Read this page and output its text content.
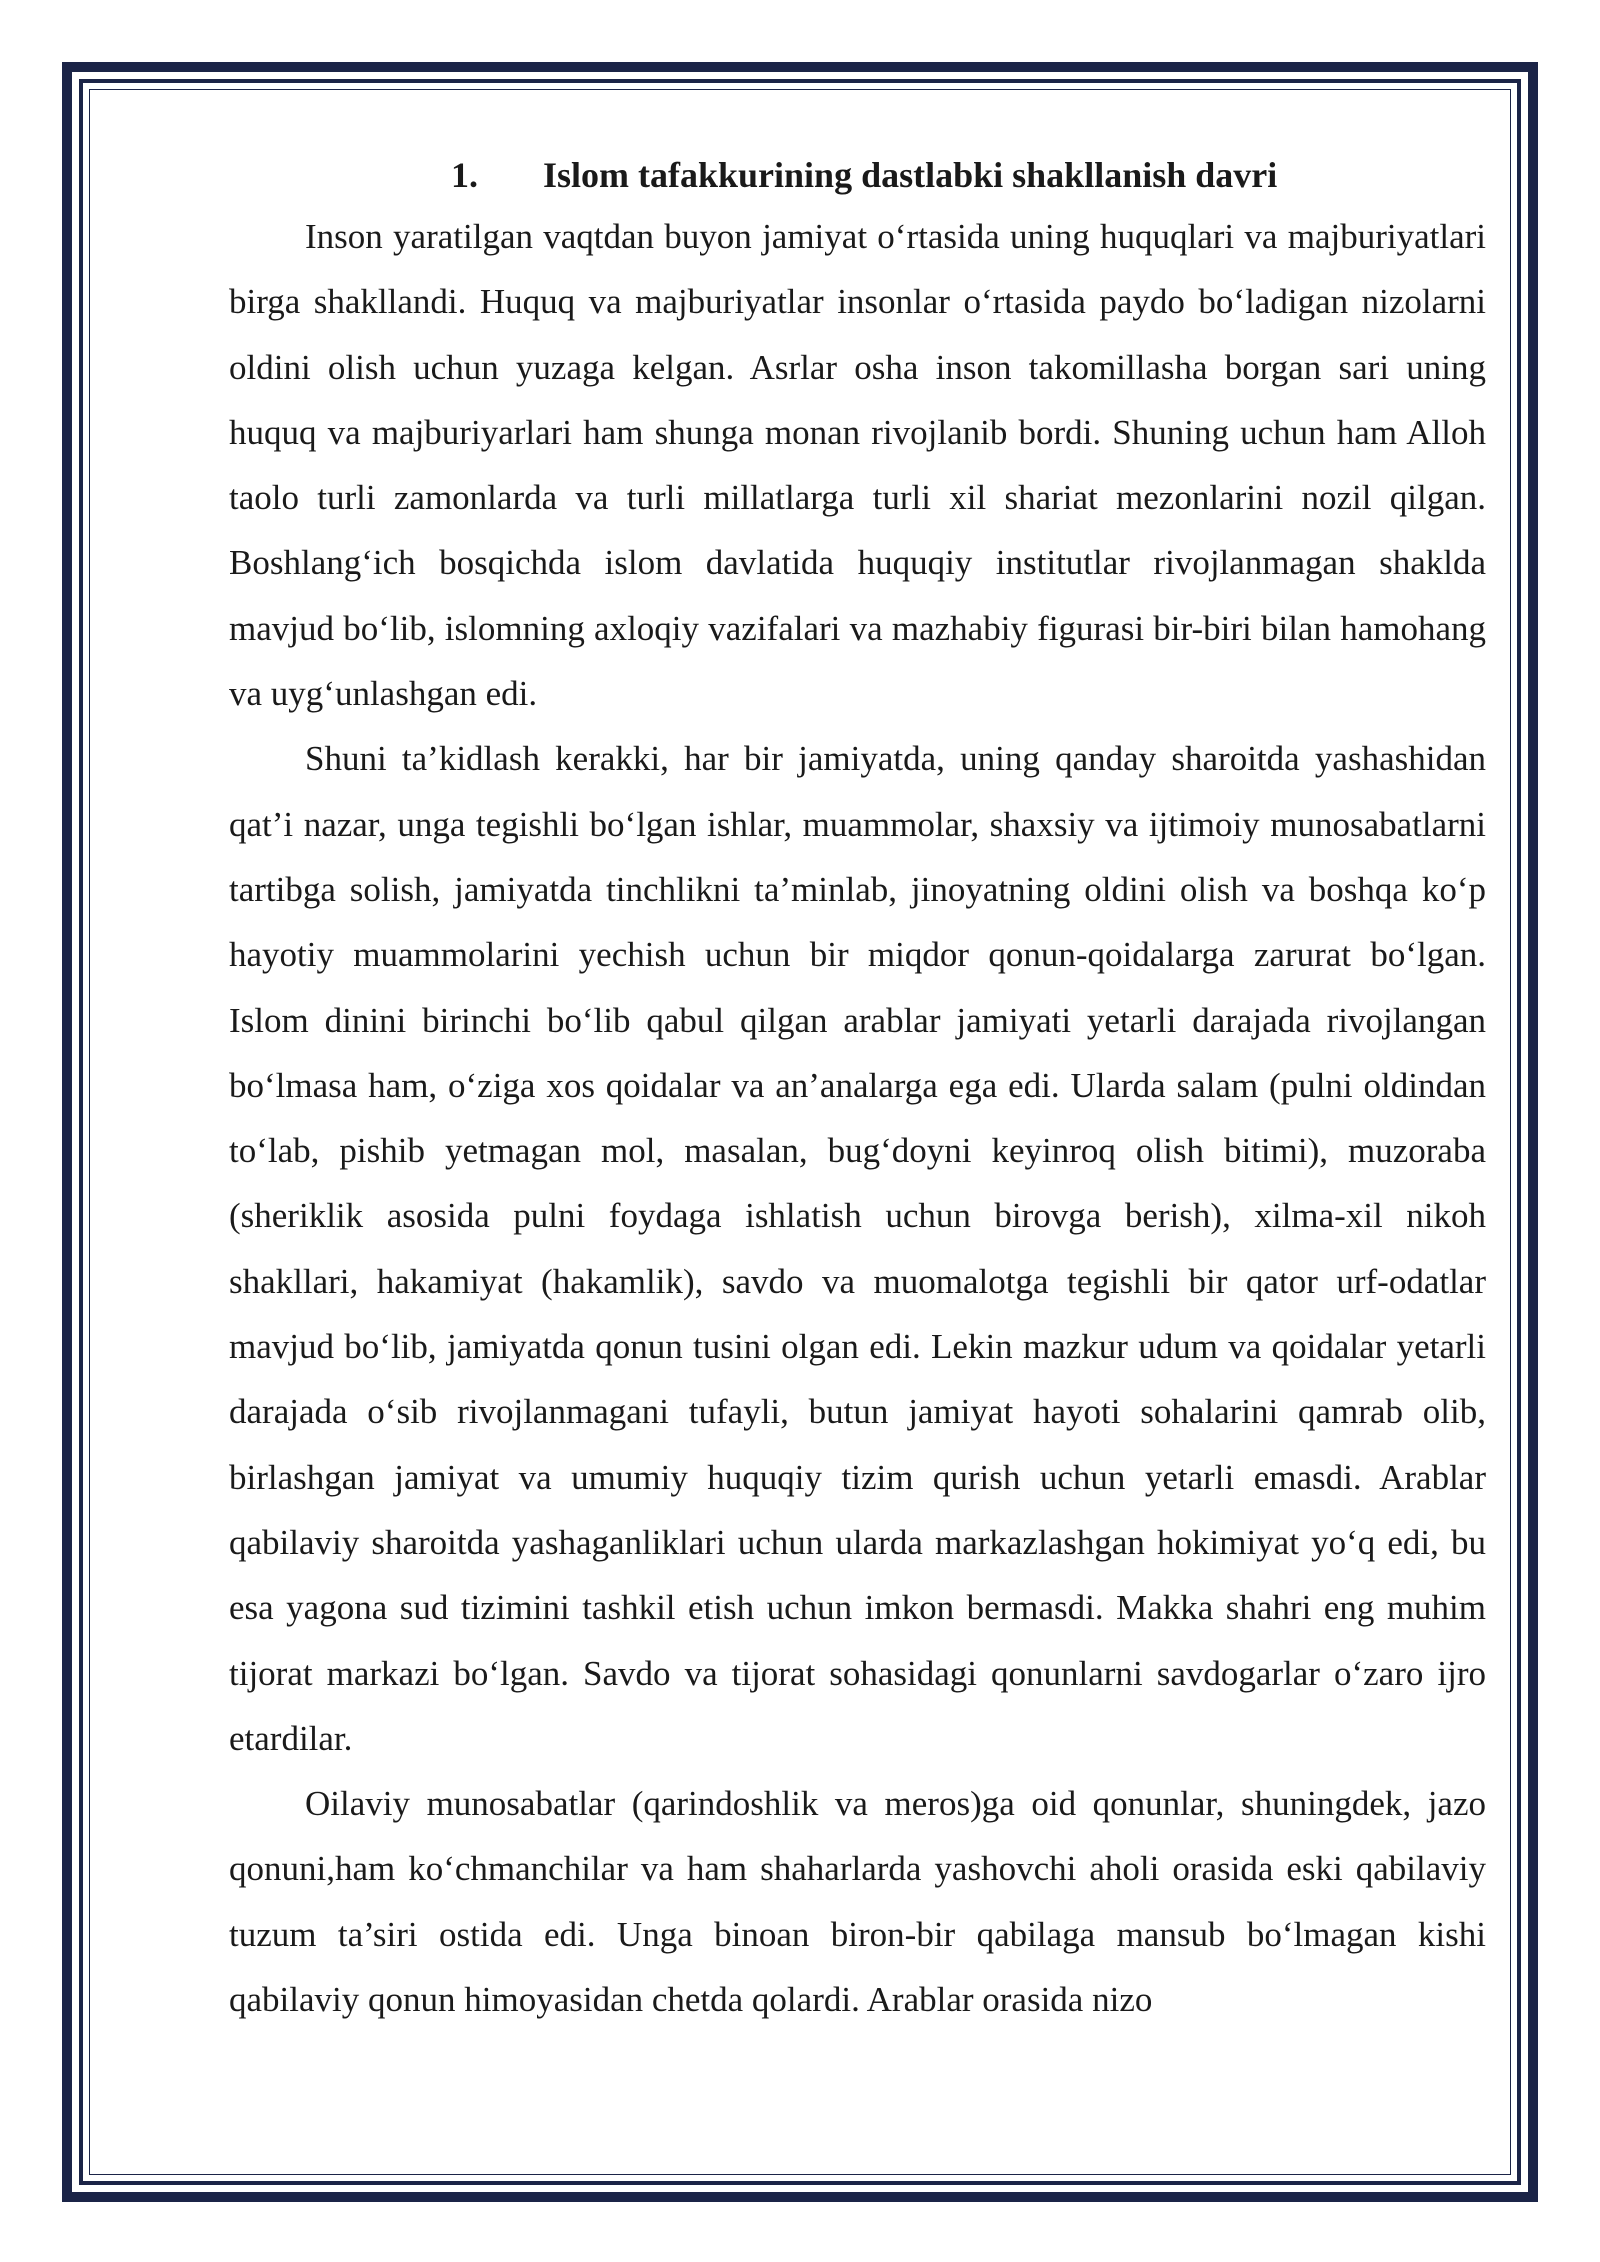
1. Islom tafakkurining dastlabki shakllanish davri

Inson yaratilgan vaqtdan buyon jamiyat o‘rtasida uning huquqlari va majburiyatlari birga shakllandi. Huquq va majburiyatlar insonlar o‘rtasida paydo bo‘ladigan nizolarni oldini olish uchun yuzaga kelgan. Asrlar osha inson takomillasha borgan sari uning huquq va majburiyarlari ham shunga monan rivojlanib bordi. Shuning uchun ham Alloh taolo turli zamonlarda va turli millatlarga turli xil shariat mezonlarini nozil qilgan. Boshlang‘ich bosqichda islom davlatida huquqiy institutlar rivojlanmagan shaklda mavjud bo‘lib, islomning axloqiy vazifalari va mazhabiy figurasi bir-biri bilan hamohang va uyg‘unlashgan edi.

Shuni ta’kidlash kerakki, har bir jamiyatda, uning qanday sharoitda yashashidan qat’i nazar, unga tegishli bo‘lgan ishlar, muammolar, shaxsiy va ijtimoiy munosabatlarni tartibga solish, jamiyatda tinchlikni ta’minlab, jinoyatning oldini olish va boshqa ko‘p hayotiy muammolarini yechish uchun bir miqdor qonun-qoidalarga zarurat bo‘lgan. Islom dinini birinchi bo‘lib qabul qilgan arablar jamiyati yetarli darajada rivojlangan bo‘lmasa ham, o‘ziga xos qoidalar va an’analarga ega edi. Ularda salam (pulni oldindan to‘lab, pishib yetmagan mol, masalan, bug‘doyni keyinroq olish bitimi), muzoraba (sheriklik asosida pulni foydaga ishlatish uchun birovga berish), xilma-xil nikoh shakllari, hakamiyat (hakamlik), savdo va muomalotga tegishli bir qator urf-odatlar mavjud bo‘lib, jamiyatda qonun tusini olgan edi. Lekin mazkur udum va qoidalar yetarli darajada o‘sib rivojlanmagani tufayli, butun jamiyat hayoti sohalarini qamrab olib, birlashgan jamiyat va umumiy huquqiy tizim qurish uchun yetarli emasdi. Arablar qabilaviy sharoitda yashaganliklari uchun ularda markazlashgan hokimiyat yo‘q edi, bu esa yagona sud tizimini tashkil etish uchun imkon bermasdi. Makka shahri eng muhim tijorat markazi bo‘lgan. Savdo va tijorat sohasidagi qonunlarni savdogarlar o‘zaro ijro etardilar.

Oilaviy munosabatlar (qarindoshlik va meros)ga oid qonunlar, shuningdek, jazo qonuni,ham ko‘chmanchilar va ham shaharlarda yashovchi aholi orasida eski qabilaviy tuzum ta’siri ostida edi. Unga binoan biron-bir qabilaga mansub bo‘lmagan kishi qabilaviy qonun himoyasidan chetda qolardi. Arablar orasida nizo
